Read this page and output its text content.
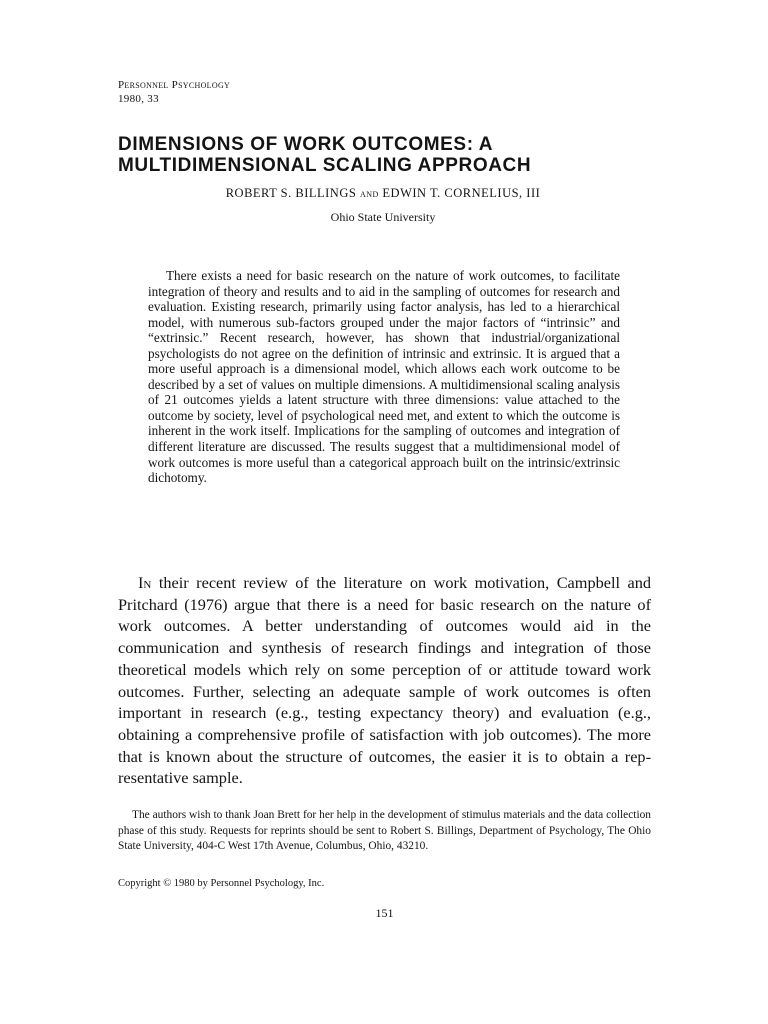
Personnel Psychology
1980, 33
DIMENSIONS OF WORK OUTCOMES: A
MULTIDIMENSIONAL SCALING APPROACH
ROBERT S. BILLINGS and EDWIN T. CORNELIUS, III
Ohio State University

There exists a need for basic research on the nature of work outcomes, to facilitate integration of theory and results and to aid in the sampling of outcomes for research and evaluation. Existing research, primarily using factor analysis, has led to a hierarchical model, with numerous sub-factors grouped under the major factors of “intrinsic” and “extrinsic.” Recent research, however, has shown that industrial/organizational psychologists do not agree on the definition of intrinsic and extrinsic. It is argued that a more useful approach is a dimensional model, which allows each work outcome to be described by a set of values on multiple dimensions. A multidimensional scaling analysis of 21 outcomes yields a latent structure with three dimensions: value attached to the outcome by society, level of psychological need met, and extent to which the outcome is inherent in the work itself. Implications for the sampling of outcomes and integration of different literature are discussed. The results suggest that a multidimensional model of work outcomes is more useful than a categorical approach built on the intrinsic/extrinsic dichotomy.

In their recent review of the literature on work motivation, Campbell and Pritchard (1976) argue that there is a need for basic research on the nature of work outcomes. A better understanding of outcomes would aid in the communication and synthesis of research findings and integration of those theoretical models which rely on some perception of or attitude toward work outcomes. Further, selecting an adequate sample of work outcomes is often important in research (e.g., testing expectancy theory) and evaluation (e.g., obtaining a comprehensive profile of satisfaction with job outcomes). The more that is known about the structure of outcomes, the easier it is to obtain a representative sample.

The authors wish to thank Joan Brett for her help in the development of stimulus materials and the data collection phase of this study. Requests for reprints should be sent to Robert S. Billings, Department of Psychology, The Ohio State University, 404-C West 17th Avenue, Columbus, Ohio, 43210.

Copyright © 1980 by Personnel Psychology, Inc.
151
